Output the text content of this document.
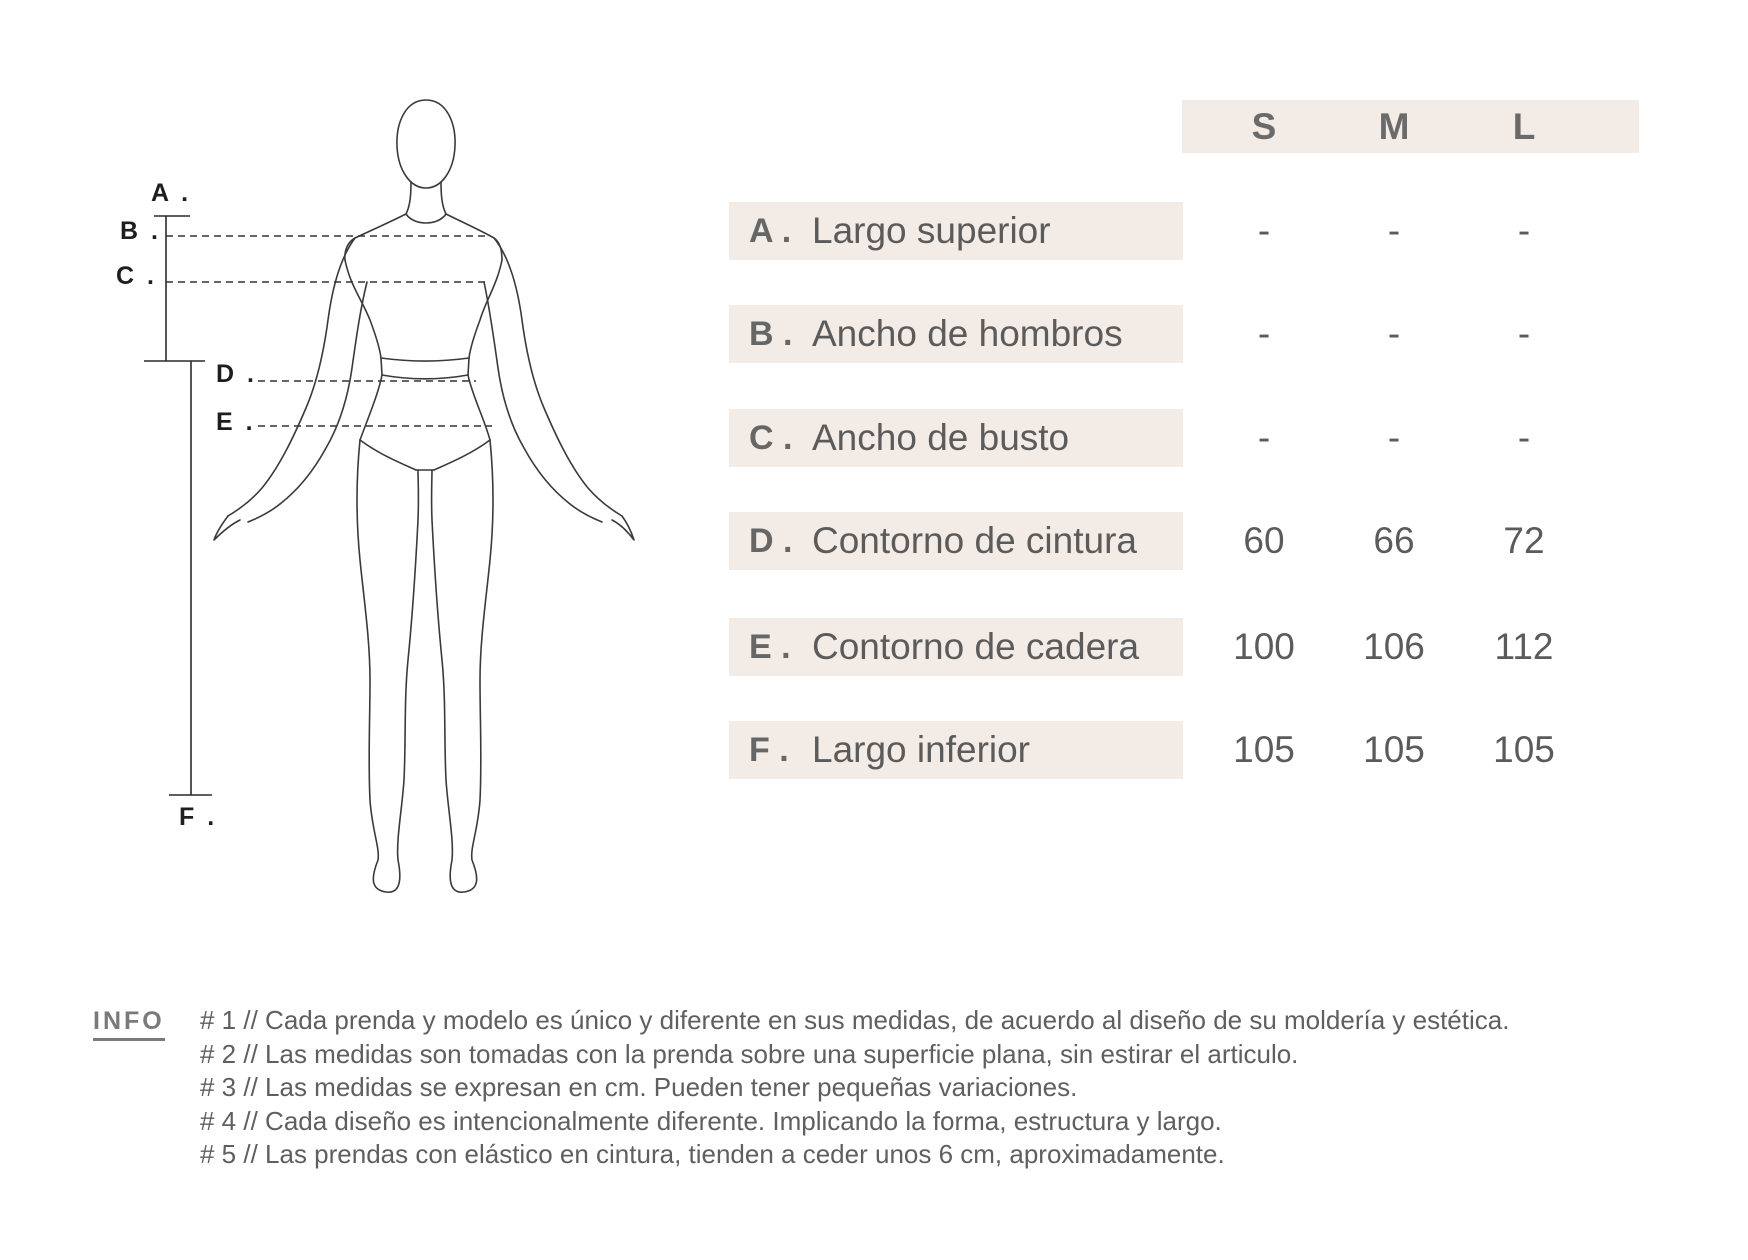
A .
B .
C .
D .
E .
F .
S	M	L
A . Largo superior	-	-	-
B . Ancho de hombros	-	-	-
C . Ancho de busto	-	-	-
D . Contorno de cintura	60	66	72
E . Contorno de cadera	100	106	112
F . Largo inferior	105	105	105
INFO # 1 // Cada prenda y modelo es único y diferente en sus medidas, de acuerdo al diseño de su moldería y estética.
# 2 // Las medidas son tomadas con la prenda sobre una superficie plana, sin estirar el articulo.
# 3 // Las medidas se expresan en cm. Pueden tener pequeñas variaciones.
# 4 // Cada diseño es intencionalmente diferente. Implicando la forma, estructura y largo.
# 5 // Las prendas con elástico en cintura, tienden a ceder unos 6 cm, aproximadamente.
